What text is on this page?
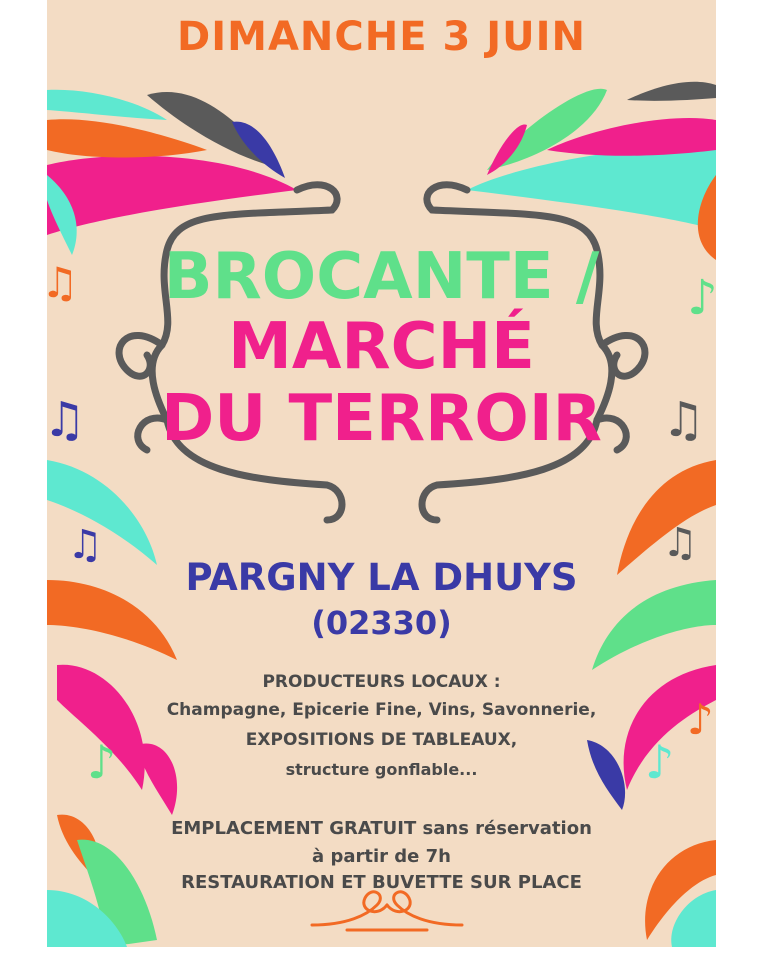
♫
♫
♫
♪
♪
♫
♫
♪
♪

DIMANCHE 3 JUIN

BROCANTE /

MARCHÉ

DU TERROIR

PARGNY LA DHUYS

(02330)

PRODUCTEURS LOCAUX :

Champagne, Epicerie Fine, Vins, Savonnerie,

EXPOSITIONS DE TABLEAUX,

structure gonflable...

EMPLACEMENT GRATUIT sans réservation

à partir de 7h

RESTAURATION ET BUVETTE SUR PLACE
